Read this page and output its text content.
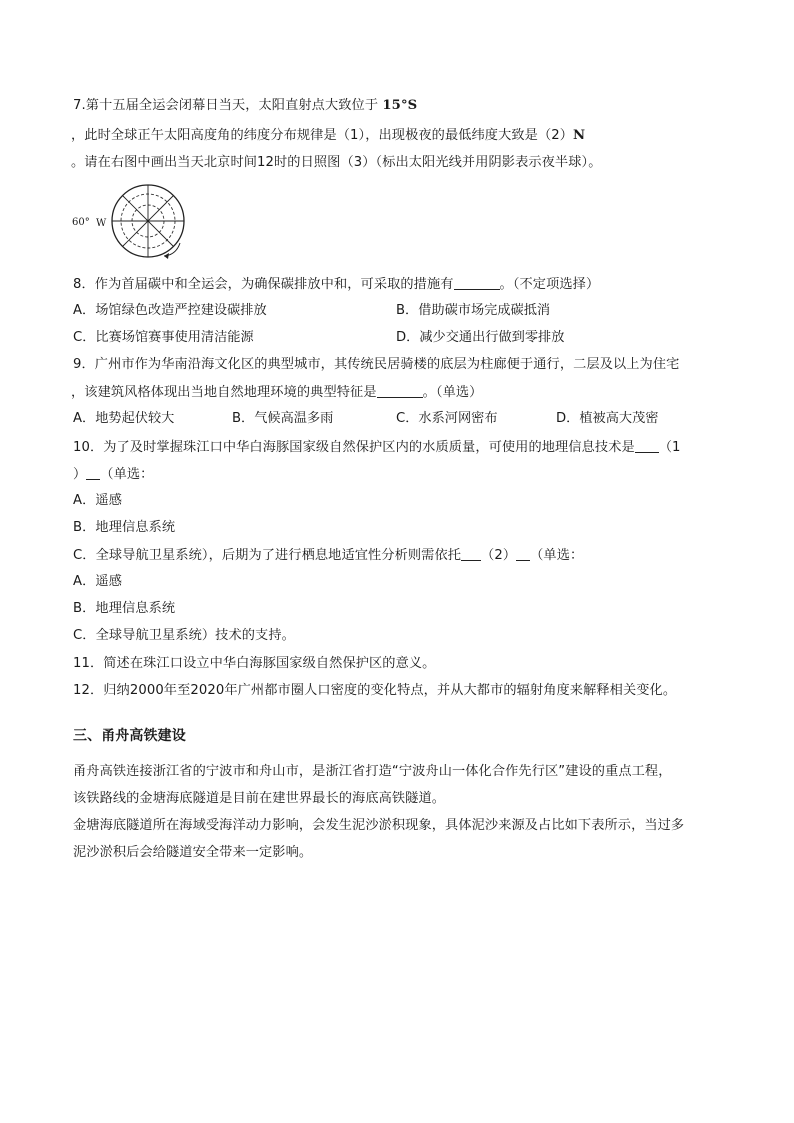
7.第十五届全运会闭幕日当天，太阳直射点大致位于 15°S
，此时全球正午太阳高度角的纬度分布规律是（1），出现极夜的最低纬度大致是（2）N
。请在右图中画出当天北京时间12时的日照图（3）（标出太阳光线并用阴影表示夜半球）。
60° W
8．作为首届碳中和全运会，为确保碳排放中和，可采取的措施有	。（不定项选择）
A．场馆绿色改造严控建设碳排放	B．借助碳市场完成碳抵消
C．比赛场馆赛事使用清洁能源	D．减少交通出行做到零排放
9．广州市作为华南沿海文化区的典型城市，其传统民居骑楼的底层为柱廊便于通行，二层及以上为住宅
，该建筑风格体现出当地自然地理环境的典型特征是	。（单选）
A．地势起伏较大	B．气候高温多雨	C．水系河网密布	D．植被高大茂密
10．为了及时掌握珠江口中华白海豚国家级自然保护区内的水质质量，可使用的地理信息技术是 （1
） （单选：
A．遥感
B．地理信息系统
C．全球导航卫星系统），后期为了进行栖息地适宜性分析则需依托 （2） （单选：
A．遥感
B．地理信息系统
C．全球导航卫星系统）技术的支持。
11．简述在珠江口设立中华白海豚国家级自然保护区的意义。
12．归纳2000年至2020年广州都市圈人口密度的变化特点，并从大都市的辐射角度来解释相关变化。
三、甬舟高铁建设
甬舟高铁连接浙江省的宁波市和舟山市，是浙江省打造“宁波舟山一体化合作先行区”建设的重点工程，
该铁路线的金塘海底隧道是目前在建世界最长的海底高铁隧道。
金塘海底隧道所在海域受海洋动力影响，会发生泥沙淤积现象，具体泥沙来源及占比如下表所示，当过多
泥沙淤积后会给隧道安全带来一定影响。
